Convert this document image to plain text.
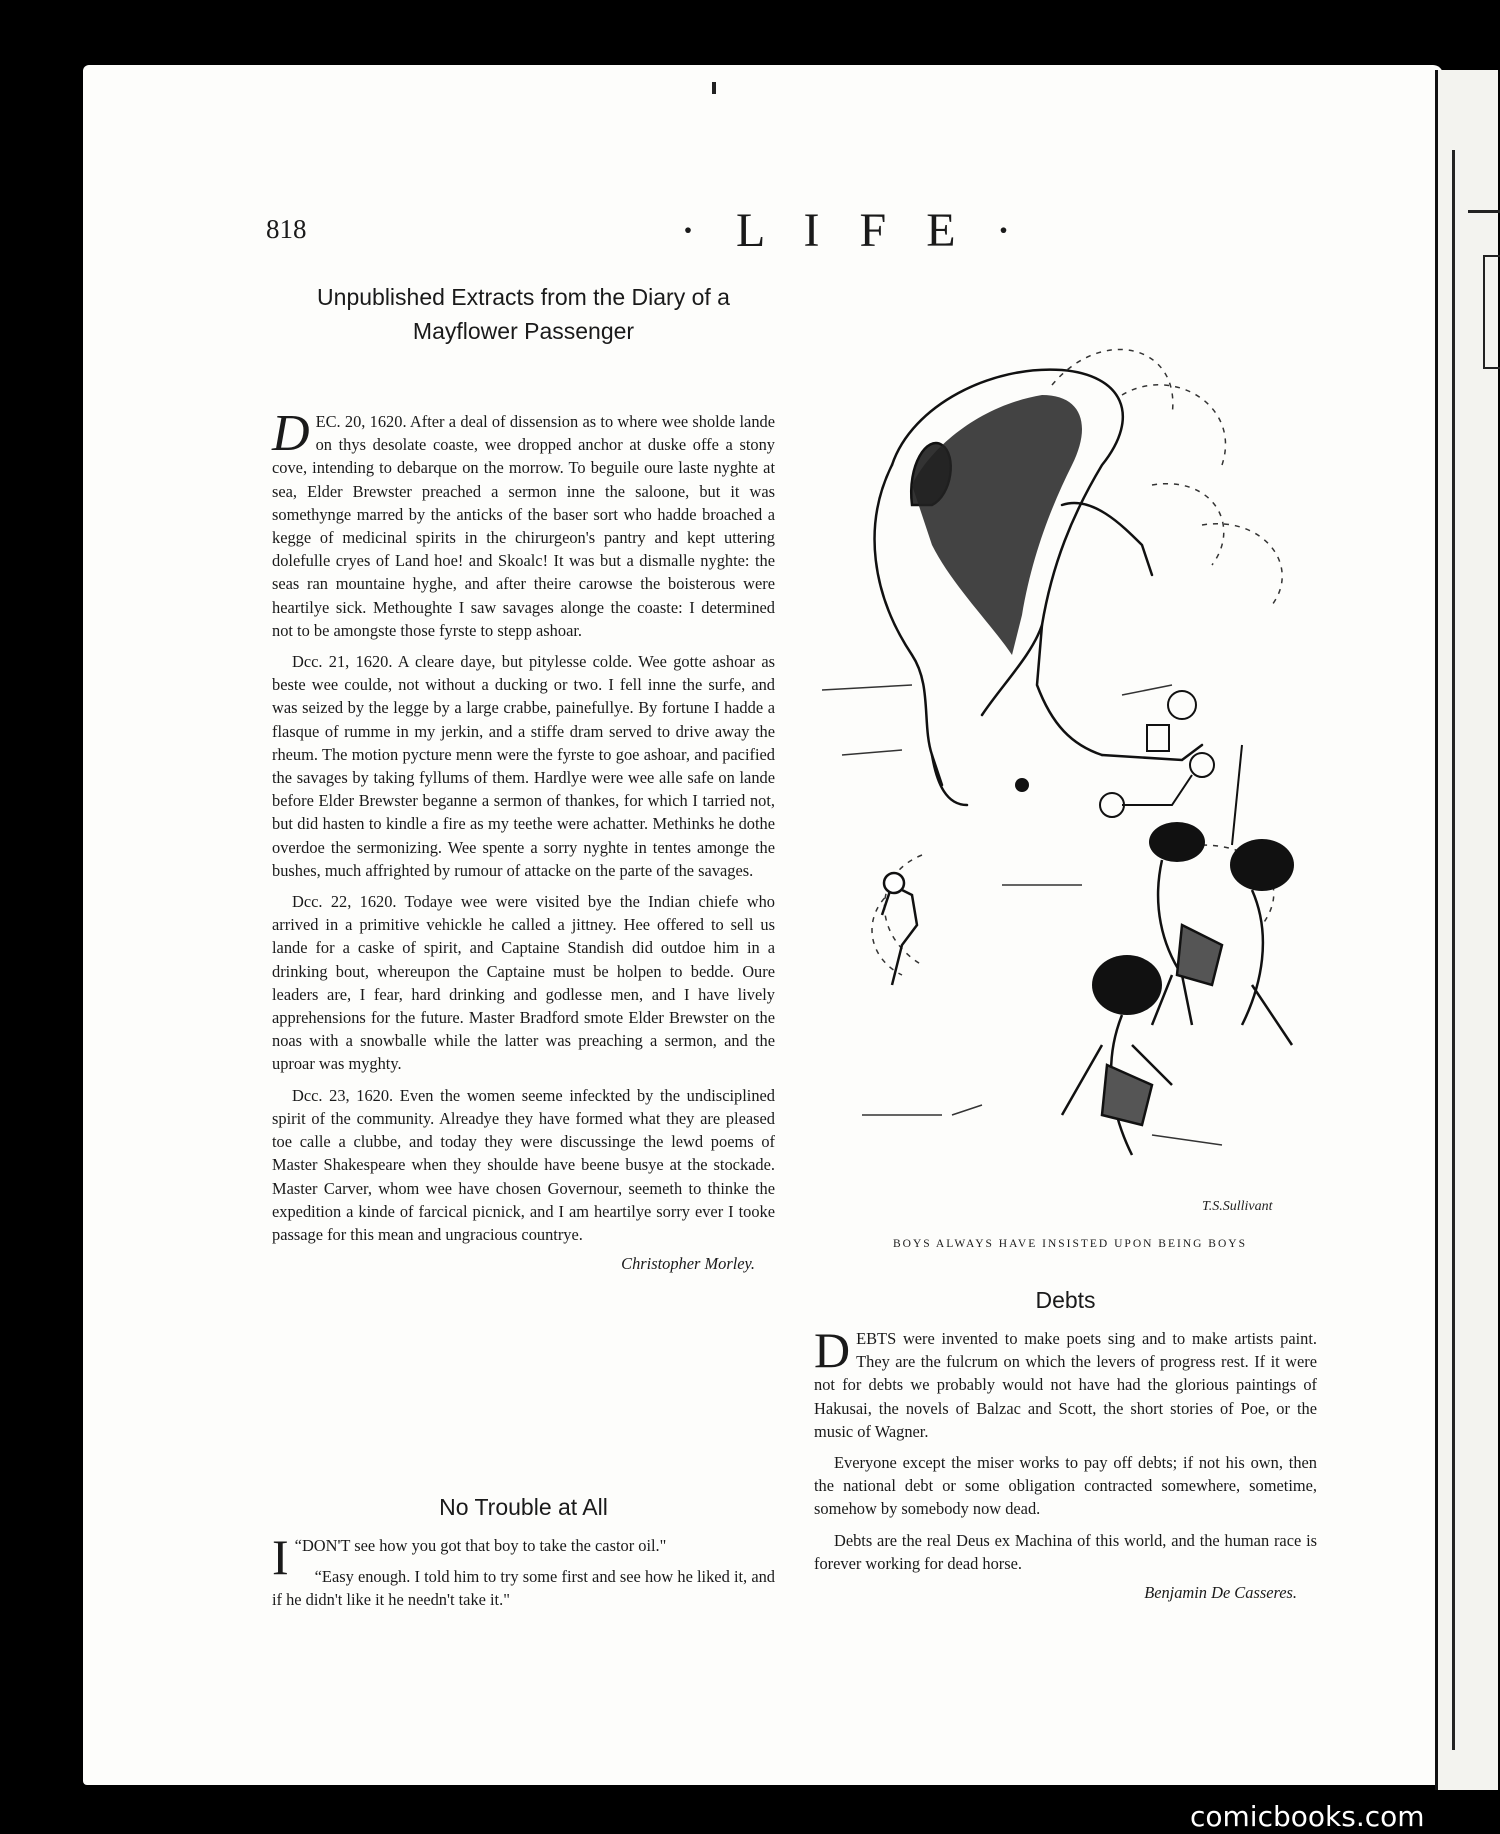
818	· L I F E ·
Unpublished Extracts from the Diary of a Mayflower Passenger

DEC. 20, 1620. After a deal of dissension as to where wee sholde lande on thys desolate coaste, wee dropped anchor at duske offe a stony cove, intending to debarque on the morrow. To beguile oure laste nyghte at sea, Elder Brewster preached a sermon inne the saloone, but it was somethynge marred by the anticks of the baser sort who hadde broached a kegge of medicinal spirits in the chirurgeon's pantry and kept uttering dolefulle cryes of Land hoe! and Skoalc! It was but a dismalle nyghte: the seas ran mountaine hyghe, and after theire carowse the boisterous were heartilye sick. Methoughte I saw savages alonge the coaste: I determined not to be amongste those fyrste to stepp ashoar.

Dcc. 21, 1620. A cleare daye, but pitylesse colde. Wee gotte ashoar as beste wee coulde, not without a ducking or two. I fell inne the surfe, and was seized by the legge by a large crabbe, painefullye. By fortune I hadde a flasque of rumme in my jerkin, and a stiffe dram served to drive away the rheum. The motion pycture menn were the fyrste to goe ashoar, and pacified the savages by taking fyllums of them. Hardlye were wee alle safe on lande before Elder Brewster beganne a sermon of thankes, for which I tarried not, but did hasten to kindle a fire as my teethe were achatter. Methinks he dothe overdoe the sermonizing. Wee spente a sorry nyghte in tentes amonge the bushes, much affrighted by rumour of attacke on the parte of the savages.

Dcc. 22, 1620. Todaye wee were visited bye the Indian chiefe who arrived in a primitive vehickle he called a jittney. Hee offered to sell us lande for a caske of spirit, and Captaine Standish did outdoe him in a drinking bout, whereupon the Captaine must be holpen to bedde. Oure leaders are, I fear, hard drinking and godlesse men, and I have lively apprehensions for the future. Master Bradford smote Elder Brewster on the noas with a snowballe while the latter was preaching a sermon, and the uproar was myghty.

Dcc. 23, 1620. Even the women seeme infeckted by the undisciplined spirit of the community. Alreadye they have formed what they are pleased toe calle a clubbe, and today they were discussinge the lewd poems of Master Shakespeare when they shoulde have beene busye at the stockade. Master Carver, whom wee have chosen Governour, seemeth to thinke the expedition a kinde of farcical picnick, and I am heartilye sorry ever I tooke passage for this mean and ungracious countrye.

Christopher Morley.
No Trouble at All

“
I DON'T see how you got that boy to take the castor oil."

“Easy enough. I told him to try some first and see how he liked it, and if he didn't like it he needn't take it."

T.S.Sullivant
BOYS ALWAYS HAVE INSISTED UPON BEING BOYS
Debts

DEBTS were invented to make poets sing and to make artists paint. They are the fulcrum on which the levers of progress rest. If it were not for debts we probably would not have had the glorious paintings of Hakusai, the novels of Balzac and Scott, the short stories of Poe, or the music of Wagner.

Everyone except the miser works to pay off debts; if not his own, then the national debt or some obligation contracted somewhere, sometime, somehow by somebody now dead.

Debts are the real Deus ex Machina of this world, and the human race is forever working for dead horse.

Benjamin De Casseres.
comicbooks.com
